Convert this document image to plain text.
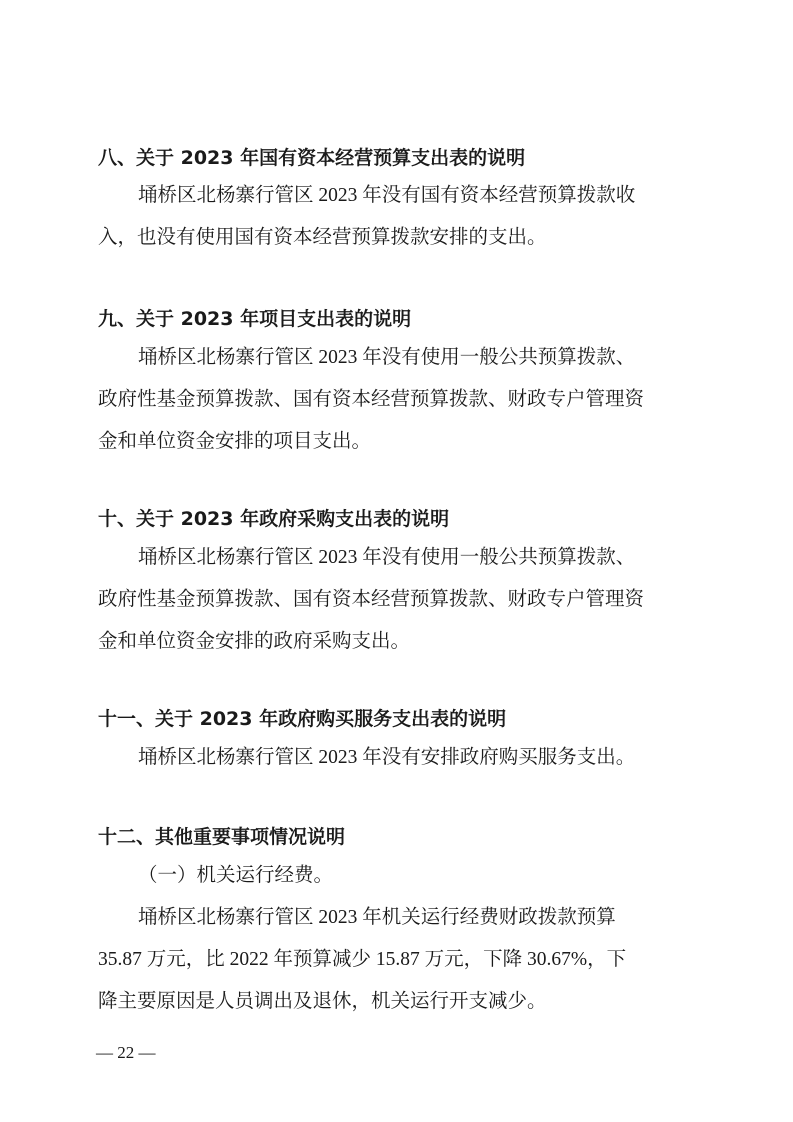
八、关于 2023 年国有资本经营预算支出表的说明
埇桥区北杨寨行管区 2023 年没有国有资本经营预算拨款收
入，也没有使用国有资本经营预算拨款安排的支出。
九、关于 2023 年项目支出表的说明
埇桥区北杨寨行管区 2023 年没有使用一般公共预算拨款、
政府性基金预算拨款、国有资本经营预算拨款、财政专户管理资
金和单位资金安排的项目支出。
十、关于 2023 年政府采购支出表的说明
埇桥区北杨寨行管区 2023 年没有使用一般公共预算拨款、
政府性基金预算拨款、国有资本经营预算拨款、财政专户管理资
金和单位资金安排的政府采购支出。
十一、关于 2023 年政府购买服务支出表的说明
埇桥区北杨寨行管区 2023 年没有安排政府购买服务支出。
十二、其他重要事项情况说明
（一）机关运行经费。
埇桥区北杨寨行管区 2023 年机关运行经费财政拨款预算
35.87 万元，比 2022 年预算减少 15.87 万元，下降 30.67%，下
降主要原因是人员调出及退休，机关运行开支减少。
— 22 —
